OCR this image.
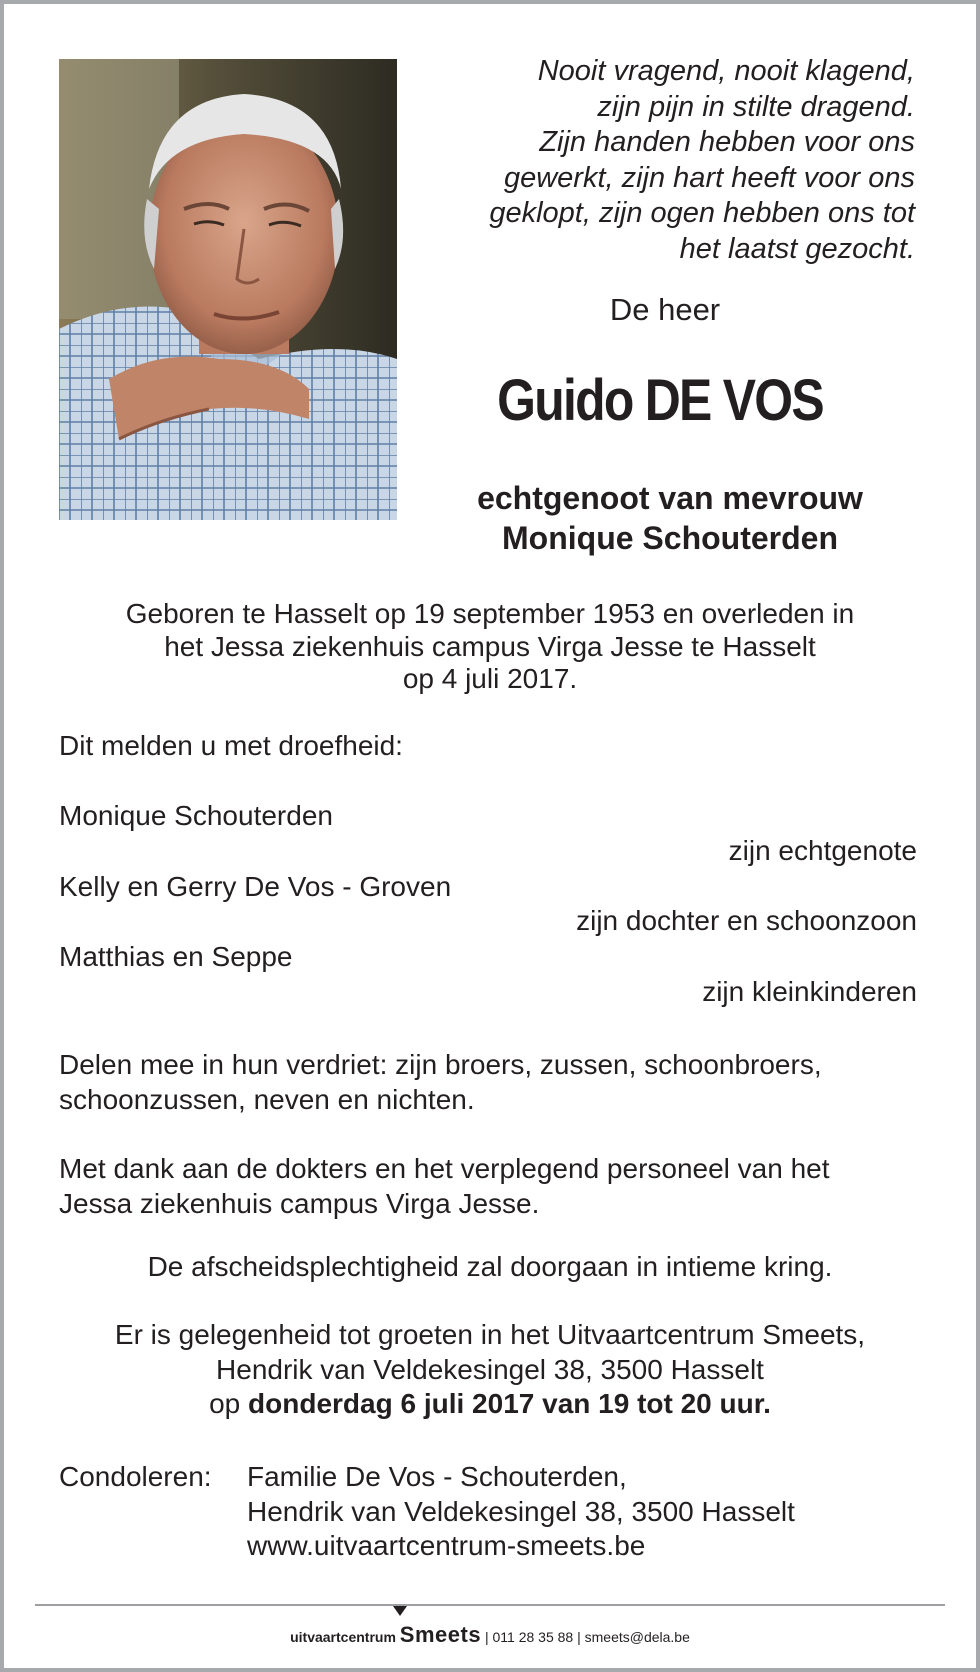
Nooit vragend, nooit klagend,
zijn pijn in stilte dragend.
Zijn handen hebben voor ons
gewerkt, zijn hart heeft voor ons
geklopt, zijn ogen hebben ons tot
het laatst gezocht.
De heer
Guido DE VOS
echtgenoot van mevrouw
Monique Schouterden
Geboren te Hasselt op 19 september 1953 en overleden in
het Jessa ziekenhuis campus Virga Jesse te Hasselt
op 4 juli 2017.
Dit melden u met droefheid:
Monique Schouterden
zijn echtgenote
Kelly en Gerry De Vos - Groven
zijn dochter en schoonzoon
Matthias en Seppe
zijn kleinkinderen
Delen mee in hun verdriet: zijn broers, zussen, schoonbroers,
schoonzussen, neven en nichten.
Met dank aan de dokters en het verplegend personeel van het
Jessa ziekenhuis campus Virga Jesse.
De afscheidsplechtigheid zal doorgaan in intieme kring.
Er is gelegenheid tot groeten in het Uitvaartcentrum Smeets,
Hendrik van Veldekesingel 38, 3500 Hasselt
op donderdag 6 juli 2017 van 19 tot 20 uur.
Condoleren: Familie De Vos - Schouterden,
Hendrik van Veldekesingel 38, 3500 Hasselt
www.uitvaartcentrum-smeets.be
uitvaartcentrum Smeets | 011 28 35 88 | smeets@dela.be
